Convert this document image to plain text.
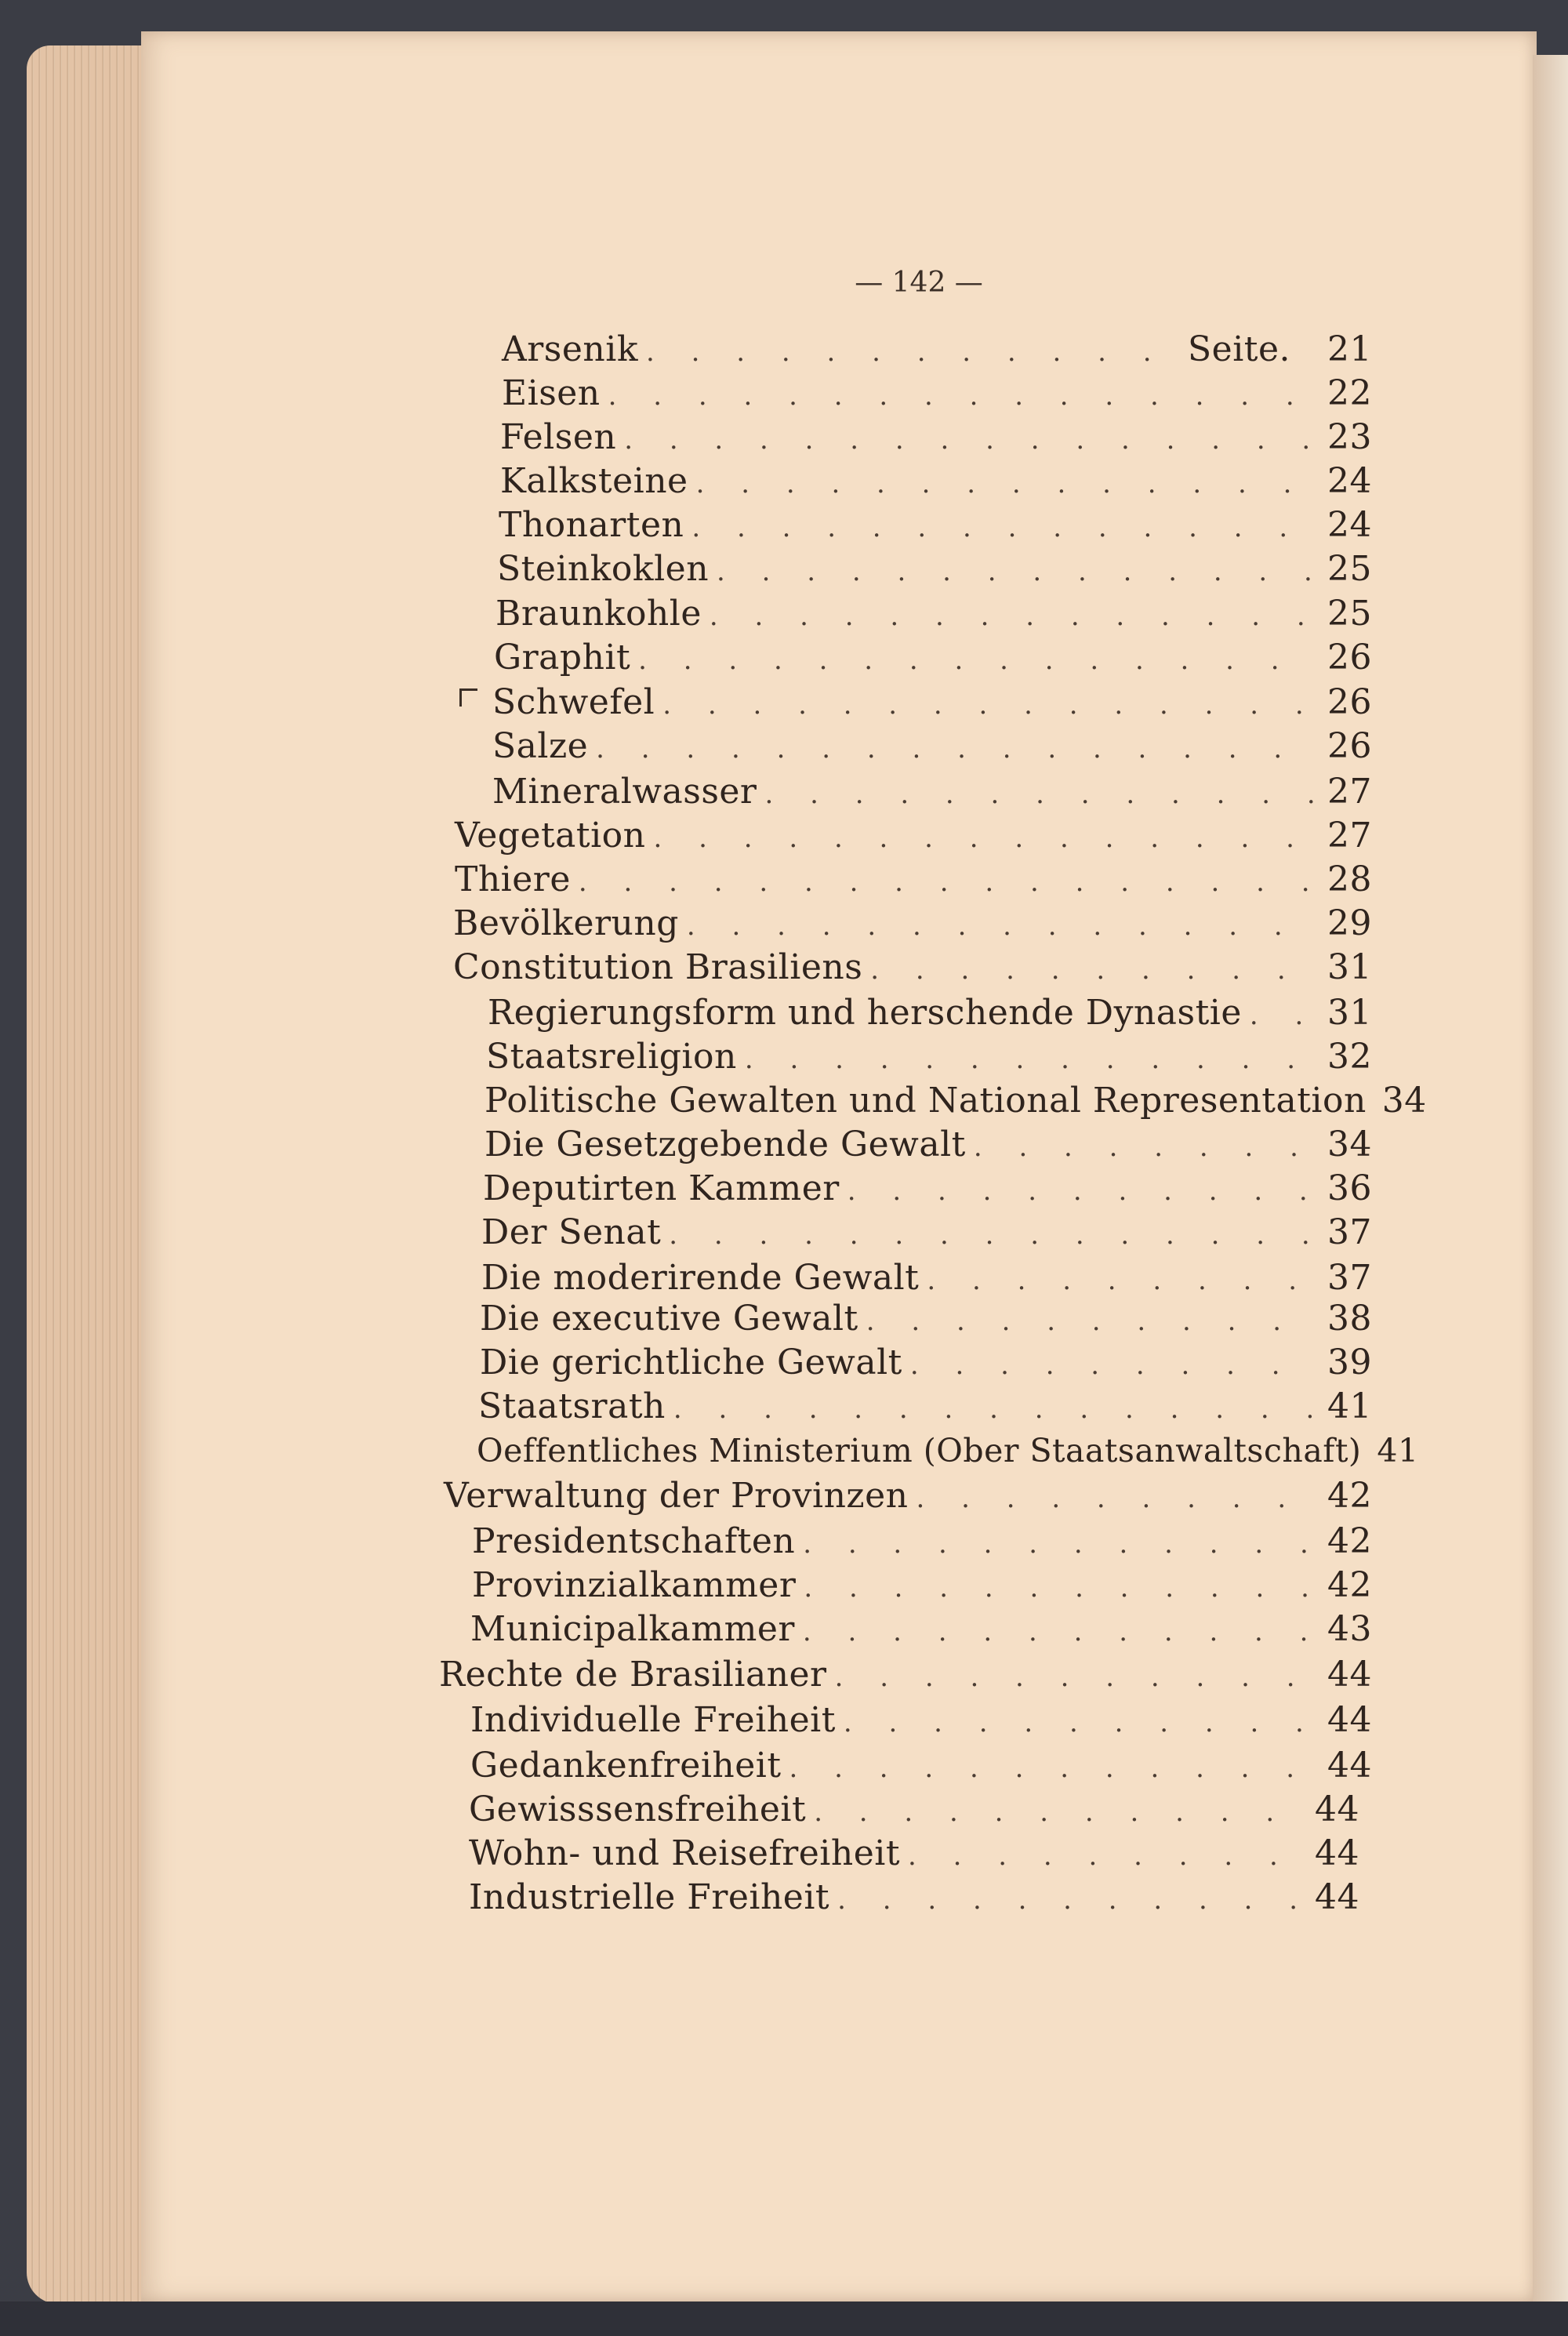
— 142 —
Arsenik . . .	Seite. 21
Eisen . . .	22
Felsen . . .	23
Kalksteine . . .	24
Thonarten . . .	24
Steinkoklen . . .	25
Braunkohle . . .	25
Graphit . . .	26
Schwefel . . .	26
Salze . . .	26
Mineralwasser . . .	27
Vegetation . . .	27
Thiere . . .	28
Bevölkerung . . .	29
Constitution Brasiliens . . .	31
Regierungsform und herschende Dynastie . . . 31
Staatsreligion . . .	32
Politische Gewalten und National Representation 34
Die Gesetzgebende Gewalt . . .	34
Deputirten Kammer . . .	36
Der Senat . . .	37
Die moderirende Gewalt . . .	37
Die executive Gewalt . . .	38
Die gerichtliche Gewalt . . .	39
Staatsrath . . .	41
Oeffentliches Ministerium (Ober Staatsanwaltschaft) 41
Verwaltung der Provinzen . . .	42
Presidentschaften . . .	42
Provinzialkammer . . .	42
Municipalkammer . . .	43
Rechte de Brasilianer . . .	44
Individuelle Freiheit . . .	44
Gedankenfreiheit . . .	44
Gewisssensfreiheit . . .	44
Wohn- und Reisefreiheit . . .	44
Industrielle Freiheit . . .	44
